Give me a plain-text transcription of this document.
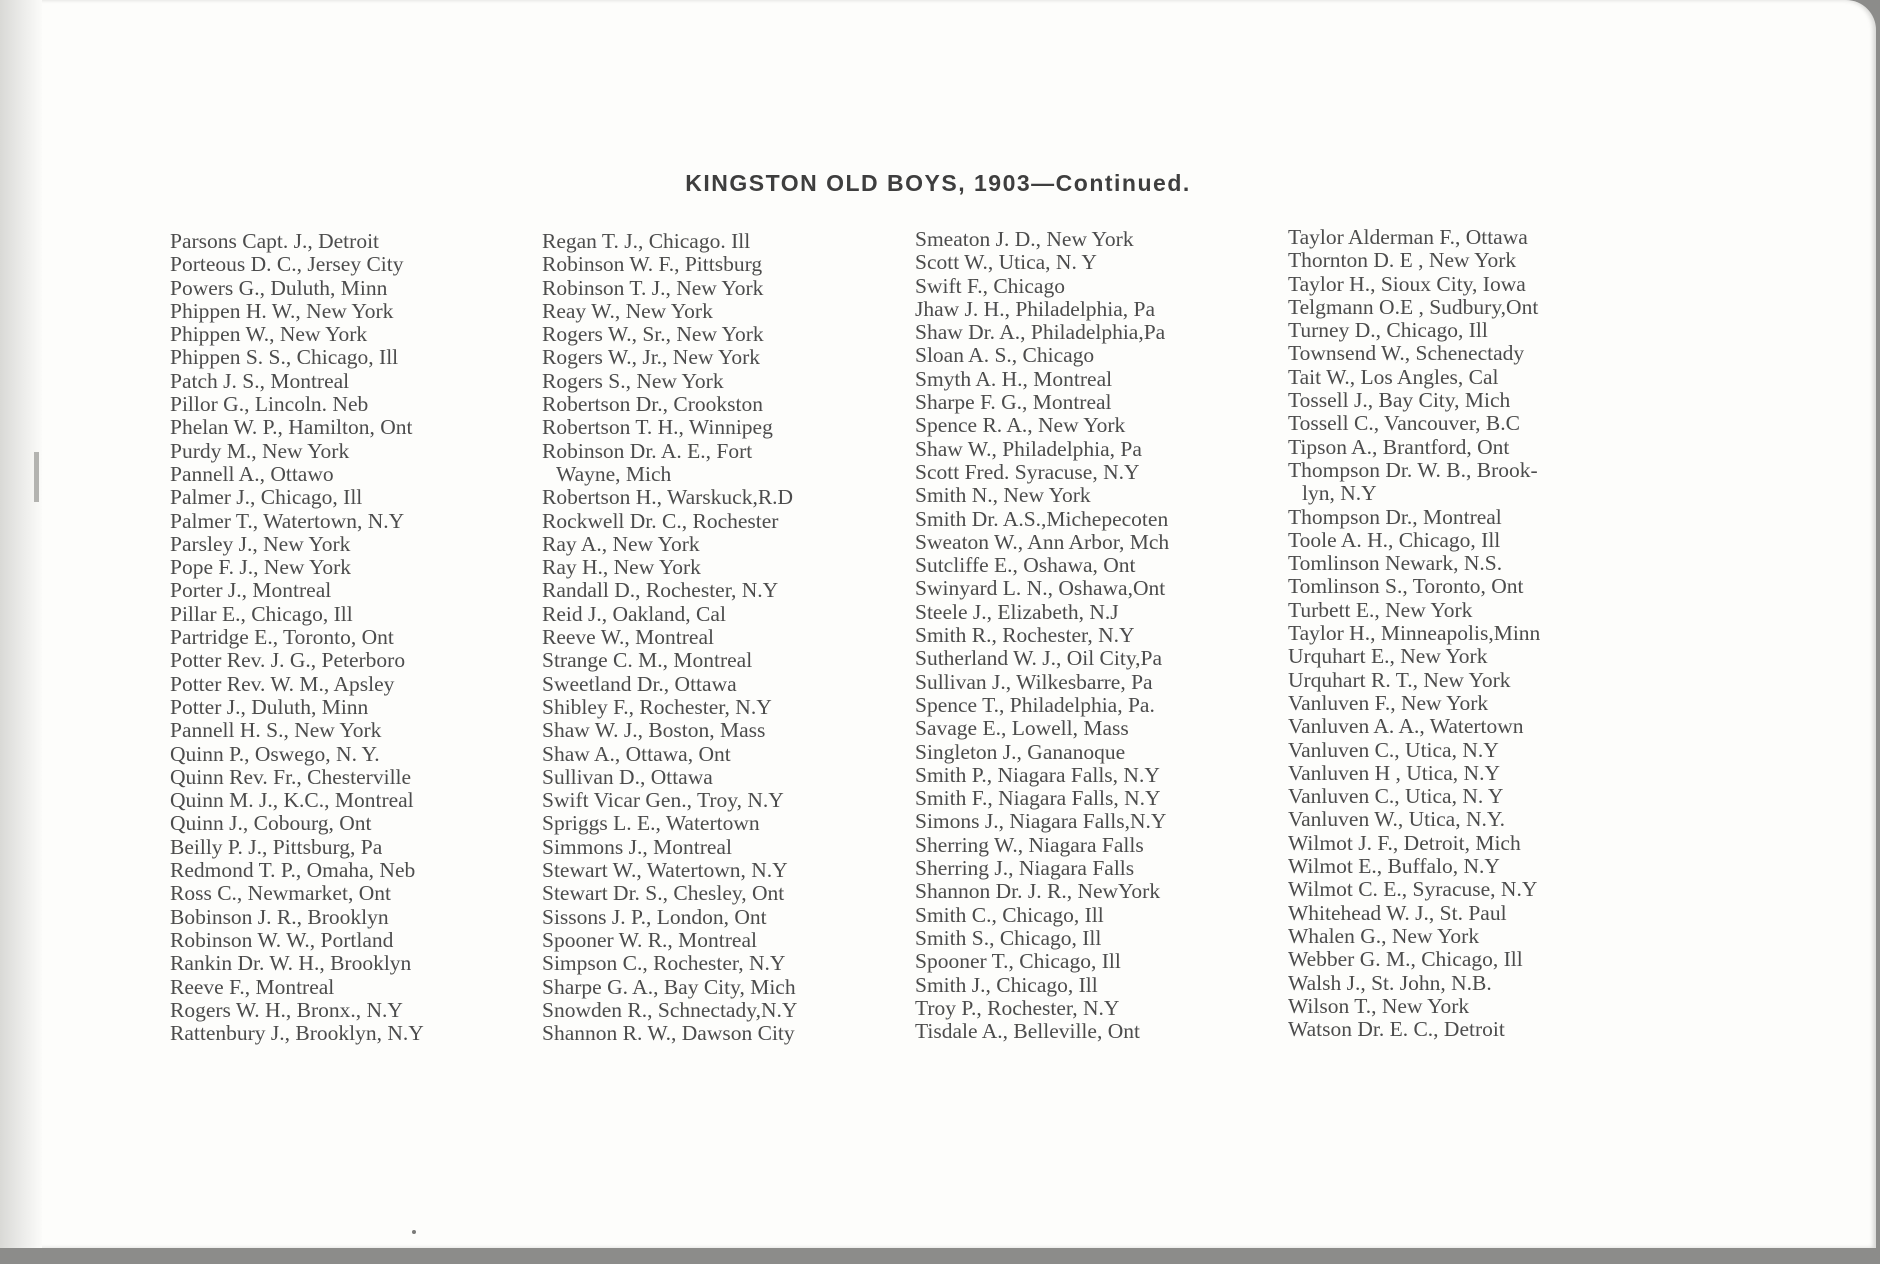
KINGSTON OLD BOYS, 1903—Continued.
Parsons Capt. J., Detroit
Porteous D. C., Jersey City
Powers G., Duluth, Minn
Phippen H. W., New York
Phippen W., New York
Phippen S. S., Chicago, Ill
Patch J. S., Montreal
Pillor G., Lincoln. Neb
Phelan W. P., Hamilton, Ont
Purdy M., New York
Pannell A., Ottawo
Palmer J., Chicago, Ill
Palmer T., Watertown, N.Y
Parsley J., New York
Pope F. J., New York
Porter J., Montreal
Pillar E., Chicago, Ill
Partridge E., Toronto, Ont
Potter Rev. J. G., Peterboro
Potter Rev. W. M., Apsley
Potter J., Duluth, Minn
Pannell H. S., New York
Quinn P., Oswego, N. Y.
Quinn Rev. Fr., Chesterville
Quinn M. J., K.C., Montreal
Quinn J., Cobourg, Ont
Beilly P. J., Pittsburg, Pa
Redmond T. P., Omaha, Neb
Ross C., Newmarket, Ont
Bobinson J. R., Brooklyn
Robinson W. W., Portland
Rankin Dr. W. H., Brooklyn
Reeve F., Montreal
Rogers W. H., Bronx., N.Y
Rattenbury J., Brooklyn, N.Y
Regan T. J., Chicago. Ill
Robinson W. F., Pittsburg
Robinson T. J., New York
Reay W., New York
Rogers W., Sr., New York
Rogers W., Jr., New York
Rogers S., New York
Robertson Dr., Crookston
Robertson T. H., Winnipeg
Robinson Dr. A. E., Fort
Wayne, Mich
Robertson H., Warskuck,R.D
Rockwell Dr. C., Rochester
Ray A., New York
Ray H., New York
Randall D., Rochester, N.Y
Reid J., Oakland, Cal
Reeve W., Montreal
Strange C. M., Montreal
Sweetland Dr., Ottawa
Shibley F., Rochester, N.Y
Shaw W. J., Boston, Mass
Shaw A., Ottawa, Ont
Sullivan D., Ottawa
Swift Vicar Gen., Troy, N.Y
Spriggs L. E., Watertown
Simmons J., Montreal
Stewart W., Watertown, N.Y
Stewart Dr. S., Chesley, Ont
Sissons J. P., London, Ont
Spooner W. R., Montreal
Simpson C., Rochester, N.Y
Sharpe G. A., Bay City, Mich
Snowden R., Schnectady,N.Y
Shannon R. W., Dawson City
Smeaton J. D., New York
Scott W., Utica, N. Y
Swift F., Chicago
Jhaw J. H., Philadelphia, Pa
Shaw Dr. A., Philadelphia,Pa
Sloan A. S., Chicago
Smyth A. H., Montreal
Sharpe F. G., Montreal
Spence R. A., New York
Shaw W., Philadelphia, Pa
Scott Fred. Syracuse, N.Y
Smith N., New York
Smith Dr. A.S.,Michepecoten
Sweaton W., Ann Arbor, Mch
Sutcliffe E., Oshawa, Ont
Swinyard L. N., Oshawa,Ont
Steele J., Elizabeth, N.J
Smith R., Rochester, N.Y
Sutherland W. J., Oil City,Pa
Sullivan J., Wilkesbarre, Pa
Spence T., Philadelphia, Pa.
Savage E., Lowell, Mass
Singleton J., Gananoque
Smith P., Niagara Falls, N.Y
Smith F., Niagara Falls, N.Y
Simons J., Niagara Falls,N.Y
Sherring W., Niagara Falls
Sherring J., Niagara Falls
Shannon Dr. J. R., NewYork
Smith C., Chicago, Ill
Smith S., Chicago, Ill
Spooner T., Chicago, Ill
Smith J., Chicago, Ill
Troy P., Rochester, N.Y
Tisdale A., Belleville, Ont
Taylor Alderman F., Ottawa
Thornton D. E , New York
Taylor H., Sioux City, Iowa
Telgmann O.E , Sudbury,Ont
Turney D., Chicago, Ill
Townsend W., Schenectady
Tait W., Los Angles, Cal
Tossell J., Bay City, Mich
Tossell C., Vancouver, B.C
Tipson A., Brantford, Ont
Thompson Dr. W. B., Brook-
lyn, N.Y
Thompson Dr., Montreal
Toole A. H., Chicago, Ill
Tomlinson Newark, N.S.
Tomlinson S., Toronto, Ont
Turbett E., New York
Taylor H., Minneapolis,Minn
Urquhart E., New York
Urquhart R. T., New York
Vanluven F., New York
Vanluven A. A., Watertown
Vanluven C., Utica, N.Y
Vanluven H , Utica, N.Y
Vanluven C., Utica, N. Y
Vanluven W., Utica, N.Y.
Wilmot J. F., Detroit, Mich
Wilmot E., Buffalo, N.Y
Wilmot C. E., Syracuse, N.Y
Whitehead W. J., St. Paul
Whalen G., New York
Webber G. M., Chicago, Ill
Walsh J., St. John, N.B.
Wilson T., New York
Watson Dr. E. C., Detroit
